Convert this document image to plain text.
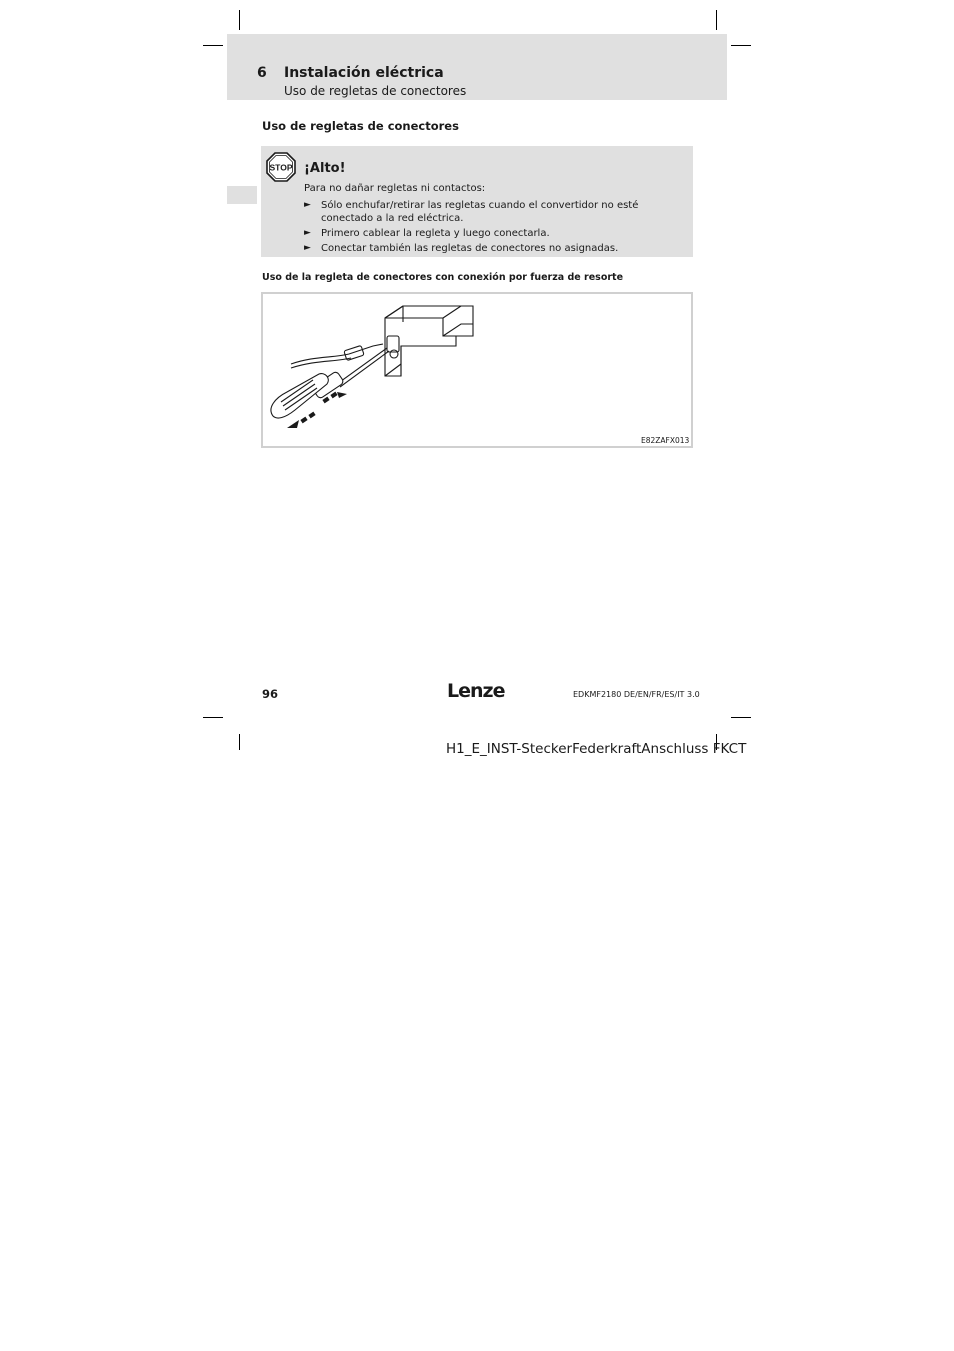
6 Instalación eléctrica
Uso de regletas de conectores
Uso de regletas de conectores
STOP ¡Alto!
Para no dañar regletas ni contactos:
► Sólo enchufar/retirar las regletas cuando el convertidor no esté conectado a la red eléctrica.
► Primero cablear la regleta y luego conectarla.
► Conectar también las regletas de conectores no asignadas.
Uso de la regleta de conectores con conexión por fuerza de resorte
E82ZAFX013
96	Lenze	EDKMF2180 DE/EN/FR/ES/IT 3.0
H1_E_INST-SteckerFederkraftAnschluss FKCT
